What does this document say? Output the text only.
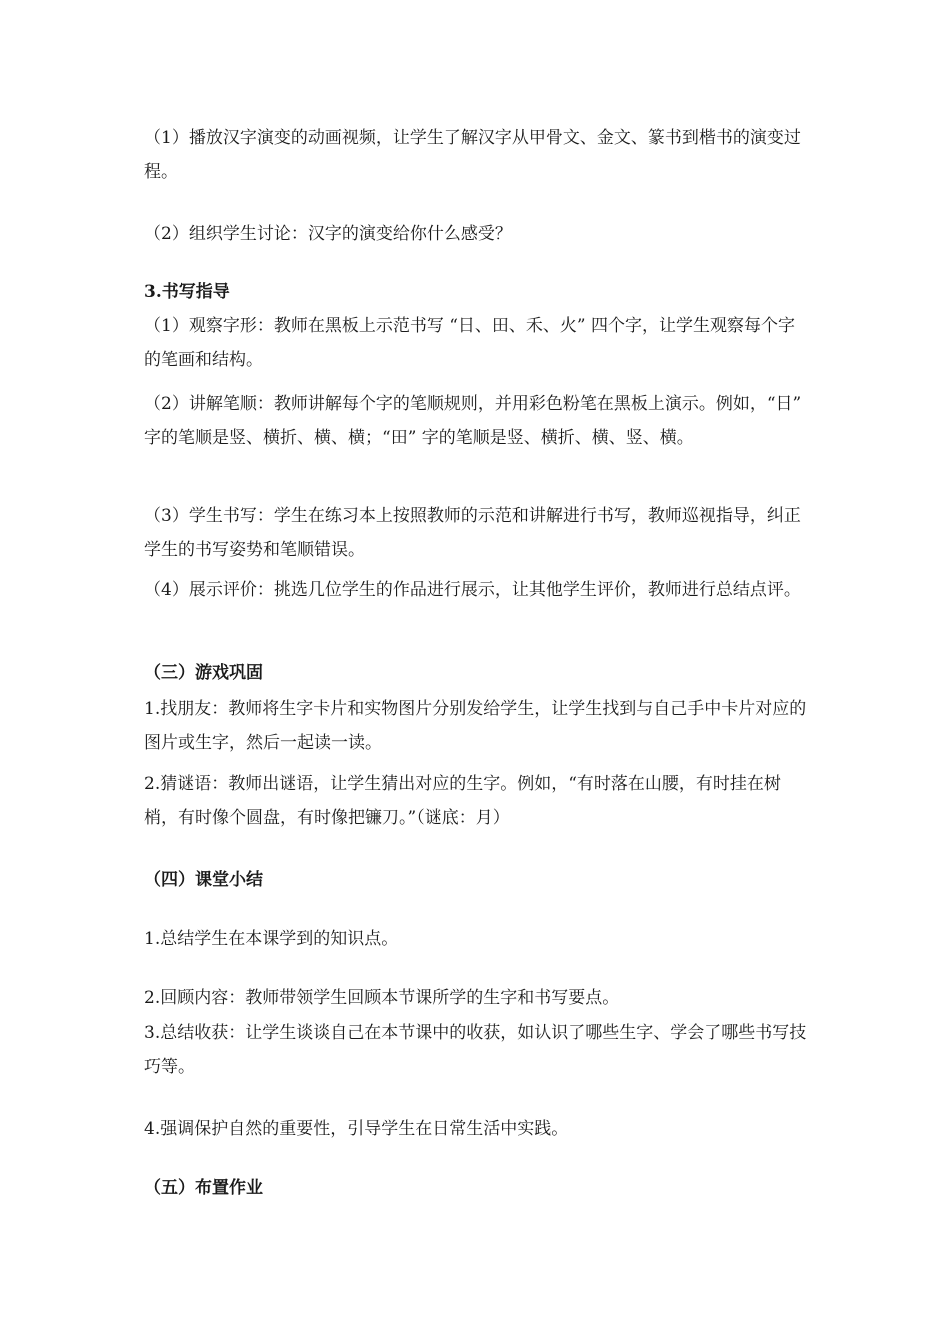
（1）播放汉字演变的动画视频，让学生了解汉字从甲骨文、金文、篆书到楷书的演变过程。

（2）组织学生讨论：汉字的演变给你什么感受？

3.书写指导

（1）观察字形：教师在黑板上示范书写 “日、田、禾、火” 四个字，让学生观察每个字的笔画和结构。

（2）讲解笔顺：教师讲解每个字的笔顺规则，并用彩色粉笔在黑板上演示。例如，“日” 字的笔顺是竖、横折、横、横；“田” 字的笔顺是竖、横折、横、竖、横。

（3）学生书写：学生在练习本上按照教师的示范和讲解进行书写，教师巡视指导，纠正学生的书写姿势和笔顺错误。

（4）展示评价：挑选几位学生的作品进行展示，让其他学生评价，教师进行总结点评。

（三）游戏巩固

1.找朋友：教师将生字卡片和实物图片分别发给学生，让学生找到与自己手中卡片对应的图片或生字，然后一起读一读。

2.猜谜语：教师出谜语，让学生猜出对应的生字。例如，“有时落在山腰，有时挂在树梢，有时像个圆盘，有时像把镰刀。”（谜底：月）

（四）课堂小结

1.总结学生在本课学到的知识点。

2.回顾内容：教师带领学生回顾本节课所学的生字和书写要点。

3.总结收获：让学生谈谈自己在本节课中的收获，如认识了哪些生字、学会了哪些书写技巧等。

4.强调保护自然的重要性，引导学生在日常生活中实践。

（五）布置作业
